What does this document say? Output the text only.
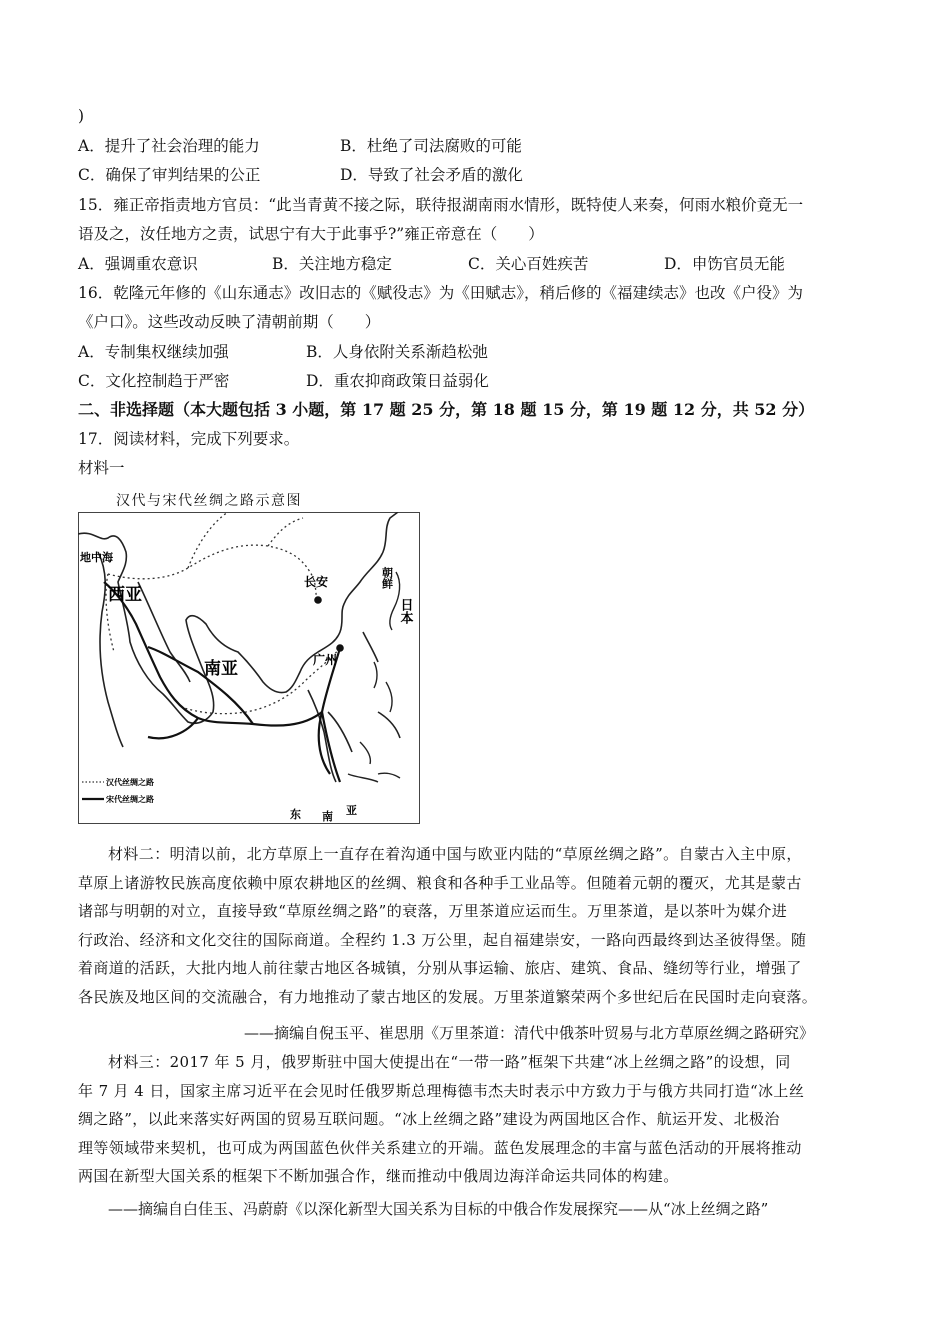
)
A．提升了社会治理的能力	B．杜绝了司法腐败的可能
C．确保了审判结果的公正	D．导致了社会矛盾的激化
15．雍正帝指责地方官员：“此当青黄不接之际，联待报湖南雨水情形，既特使人来奏，何雨水粮价竟无一
语及之，汝任地方之责，试思宁有大于此事乎?”雍正帝意在（　　）
A．强调重农意识	B．关注地方稳定	C．关心百姓疾苦	D．申饬官员无能
16．乾隆元年修的《山东通志》改旧志的《赋役志》为《田赋志》，稍后修的《福建续志》也改《户役》为
《户口》。这些改动反映了清朝前期（　　）
A．专制集权继续加强	B．人身依附关系渐趋松弛
C．文化控制趋于严密	D．重农抑商政策日益弱化
二、非选择题（本大题包括 3 小题，第 17 题 25 分，第 18 题 15 分，第 19 题 12 分，共 52 分）
17．阅读材料，完成下列要求。
材料一
汉代与宋代丝绸之路示意图
地中海
西亚
南亚
长安
广州
朝鲜
日本
东 南 亚
汉代丝绸之路
宋代丝绸之路

材料二：明清以前，北方草原上一直存在着沟通中国与欧亚内陆的“草原丝绸之路”。自蒙古入主中原，

草原上诸游牧民族高度依赖中原农耕地区的丝绸、粮食和各种手工业品等。但随着元朝的覆灭，尤其是蒙古

诸部与明朝的对立，直接导致“草原丝绸之路”的衰落，万里茶道应运而生。万里茶道，是以茶叶为媒介进

行政治、经济和文化交往的国际商道。全程约 1.3 万公里，起自福建崇安，一路向西最终到达圣彼得堡。随

着商道的活跃，大批内地人前往蒙古地区各城镇，分别从事运输、旅店、建筑、食品、缝纫等行业，增强了

各民族及地区间的交流融合，有力地推动了蒙古地区的发展。万里茶道繁荣两个多世纪后在民国时走向衰落。

——摘编自倪玉平、崔思朋《万里茶道：清代中俄茶叶贸易与北方草原丝绸之路研究》

材料三：2017 年 5 月，俄罗斯驻中国大使提出在“一带一路”框架下共建“冰上丝绸之路”的设想，同

年 7 月 4 日，国家主席习近平在会见时任俄罗斯总理梅德韦杰夫时表示中方致力于与俄方共同打造“冰上丝

绸之路”，以此来落实好两国的贸易互联问题。“冰上丝绸之路”建设为两国地区合作、航运开发、北极治

理等领域带来契机，也可成为两国蓝色伙伴关系建立的开端。蓝色发展理念的丰富与蓝色活动的开展将推动

两国在新型大国关系的框架下不断加强合作，继而推动中俄周边海洋命运共同体的构建。

——摘编自白佳玉、冯蔚蔚《以深化新型大国关系为目标的中俄合作发展探究——从“冰上丝绸之路”
